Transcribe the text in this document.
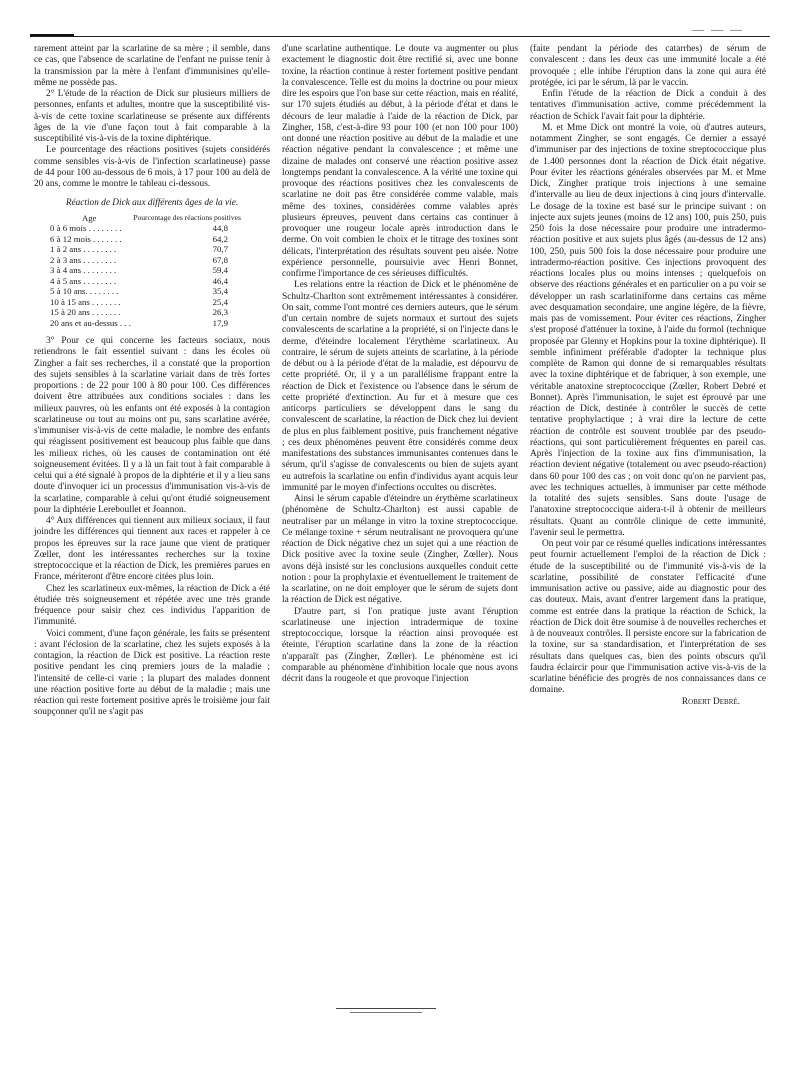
— — —

rarement atteint par la scarlatine de sa mère ; il semble, dans ce cas, que l'absence de scarlatine de l'enfant ne puisse tenir à la transmission par la mère à l'enfant d'immunisines qu'elle-même ne possède pas.

2° L'étude de la réaction de Dick sur plusieurs milliers de personnes, enfants et adultes, montre que la susceptibilité vis-à-vis de cette toxine scarlatineuse se présente aux différents âges de la vie d'une façon tout à fait comparable à la susceptibilité vis-à-vis de la toxine diphtérique.

Le pourcentage des réactions positives (sujets considérés comme sensibles vis-à-vis de l'infection scarlatineuse) passe de 44 pour 100 au-dessous de 6 mois, à 17 pour 100 au delà de 20 ans, comme le montre le tableau ci-dessous.

Réaction de Dick aux différents âges de la vie.
Age	Pourcentage des réactions positives
0 à 6 mois . . . . . . . .	44,8
6 à 12 mois . . . . . . .	64,2
1 à 2 ans . . . . . . . .	70,7
2 à 3 ans . . . . . . . .	67,8
3 à 4 ans . . . . . . . .	59,4
4 à 5 ans . . . . . . . .	46,4
5 à 10 ans. . . . . . . .	35,4
10 à 15 ans . . . . . . .	25,4
15 à 20 ans . . . . . . .	26,3
20 ans et au-dessus . . .	17,9

3° Pour ce qui concerne les facteurs sociaux, nous retiendrons le fait essentiel suivant : dans les écoles où Zingher a fait ses recherches, il a constaté que la proportion des sujets sensibles à la scarlatine variait dans de très fortes proportions : de 22 pour 100 à 80 pour 100. Ces différences doivent être attribuées aux conditions sociales : dans les milieux pauvres, où les enfants ont été exposés à la contagion scarlatineuse ou tout au moins ont pu, sans scarlatine avérée, s'immuniser vis-à-vis de cette maladie, le nombre des enfants qui réagissent positivement est beaucoup plus faible que dans les milieux riches, où les causes de contamination ont été soigneusement évitées. Il y a là un fait tout à fait comparable à celui qui a été signalé à propos de la diphtérie et il y a lieu sans doute d'invoquer ici un processus d'immunisation vis-à-vis de la scarlatine, comparable à celui qu'ont étudié soigneusement pour la diphtérie Lereboullet et Joannon.

4° Aux différences qui tiennent aux milieux sociaux, il faut joindre les différences qui tiennent aux races et rappeler à ce propos les épreuves sur la race jaune que vient de pratiquer Zœller, dont les intéressantes recherches sur la toxine streptococcique et la réaction de Dick, les premières parues en France, mériteront d'être encore citées plus loin.

Chez les scarlatineux eux-mêmes, la réaction de Dick a été étudiée très soigneusement et répétée avec une très grande fréquence pour saisir chez ces individus l'apparition de l'immunité.

Voici comment, d'une façon générale, les faits se présentent : avant l'éclosion de la scarlatine, chez les sujets exposés à la contagion, la réaction de Dick est positive. La réaction reste positive pendant les cinq premiers jours de la maladie ; l'intensité de celle-ci varie ; la plupart des malades donnent une réaction positive forte au début de la maladie ; mais une réaction qui reste fortement positive après le troisième jour fait soupçonner qu'il ne s'agit pas

d'une scarlatine authentique. Le doute va augmenter ou plus exactement le diagnostic doit être rectifié si, avec une bonne toxine, la réaction continue à rester fortement positive pendant la convalescence. Telle est du moins la doctrine ou pour mieux dire les espoirs que l'on base sur cette réaction, mais en réalité, sur 170 sujets étudiés au début, à la période d'état et dans le décours de leur maladie à l'aide de la réaction de Dick, par Zingher, 158, c'est-à-dire 93 pour 100 (et non 100 pour 100) ont donné une réaction positive au début de la maladie et une réaction négative pendant la convalescence ; et même une dizaine de malades ont conservé une réaction positive assez longtemps pendant la convalescence. A la vérité une toxine qui provoque des réactions positives chez les convalescents de scarlatine ne doit pas être considérée comme valable, mais même des toxines, considérées comme valables après plusieurs épreuves, peuvent dans certains cas continuer à provoquer une rougeur locale après introduction dans le derme. On voit combien le choix et le titrage des toxines sont délicats, l'interprétation des résultats souvent peu aisée. Notre expérience personnelle, poursuivie avec Henri Bonnet, confirme l'importance de ces sérieuses difficultés.

Les relations entre la réaction de Dick et le phénomène de Schultz-Charlton sont extrêmement intéressantes à considérer. On sait, comme l'ont montré ces derniers auteurs, que le sérum d'un certain nombre de sujets normaux et surtout des sujets convalescents de scarlatine a la propriété, si on l'injecte dans le derme, d'éteindre localement l'érythème scarlatineux. Au contraire, le sérum de sujets atteints de scarlatine, à la période de début ou à la période d'état de la maladie, est dépourvu de cette propriété. Or, il y a un parallélisme frappant entre la réaction de Dick et l'existence ou l'absence dans le sérum de cette propriété d'extinction. Au fur et à mesure que ces anticorps particuliers se développent dans le sang du convalescent de scarlatine, la réaction de Dick chez lui devient de plus en plus faiblement positive, puis franchement négative ; ces deux phénomènes peuvent être considérés comme deux manifestations des substances immunisantes contenues dans le sérum, qu'il s'agisse de convalescents ou bien de sujets ayant eu autrefois la scarlatine ou enfin d'individus ayant acquis leur immunité par le moyen d'infections occultes ou discrètes.

Ainsi le sérum capable d'éteindre un érythème scarlatineux (phénomène de Schultz-Charlton) est aussi capable de neutraliser par un mélange in vitro la toxine streptococcique. Ce mélange toxine + sérum neutralisant ne provoquera qu'une réaction de Dick négative chez un sujet qui a une réaction de Dick positive avec la toxine seule (Zingher, Zœller). Nous avons déjà insisté sur les conclusions auxquelles conduit cette notion : pour la prophylaxie et éventuellement le traitement de la scarlatine, on ne doit employer que le sérum de sujets dont la réaction de Dick est négative.

D'autre part, si l'on pratique juste avant l'éruption scarlatineuse une injection intradermique de toxine streptococcique, lorsque la réaction ainsi provoquée est éteinte, l'éruption scarlatine dans la zone de la réaction n'apparaît pas (Zingher, Zœller). Le phénomène est ici comparable au phénomène d'inhibition locale que nous avons décrit dans la rougeole et que provoque l'injection

(faite pendant la période des catarrhes) de sérum de convalescent : dans les deux cas une immunité locale a été provoquée ; elle inhibe l'éruption dans la zone qui aura été protégée, ici par le sérum, là par le vaccin.

Enfin l'étude de la réaction de Dick a conduit à des tentatives d'immunisation active, comme précédemment la réaction de Schick l'avait fait pour la diphtérie.

M. et Mme Dick ont montré la voie, où d'autres auteurs, notamment Zingher, se sont engagés. Ce dernier a essayé d'immuniser par des injections de toxine streptococcique plus de 1.400 personnes dont la réaction de Dick était négative. Pour éviter les réactions générales observées par M. et Mme Dick, Zingher pratique trois injections à une semaine d'intervalle au lieu de deux injections à cinq jours d'intervalle. Le dosage de la toxine est basé sur le principe suivant : on injecte aux sujets jeunes (moins de 12 ans) 100, puis 250, puis 250 fois la dose nécessaire pour produire une intradermo-réaction positive et aux sujets plus âgés (au-dessus de 12 ans) 100, 250, puis 500 fois la dose nécessaire pour produire une intradermo-réaction positive. Ces injections provoquent des réactions locales plus ou moins intenses ; quelquefois on observe des réactions générales et en particulier on a pu voir se développer un rash scarlatiniforme dans certains cas même avec desquamation secondaire, une angine légère, de la fièvre, mais pas de vomissement. Pour éviter ces réactions, Zingher s'est proposé d'atténuer la toxine, à l'aide du formol (technique proposée par Glenny et Hopkins pour la toxine diphtérique). Il semble infiniment préférable d'adopter la technique plus complète de Ramon qui donne de si remarquables résultats avec la toxine diphtérique et de fabriquer, à son exemple, une véritable anatoxine streptococcique (Zœller, Robert Debré et Bonnet). Après l'immunisation, le sujet est éprouvé par une réaction de Dick, destinée à contrôler le succès de cette tentative prophylactique ; à vrai dire la lecture de cette réaction de contrôle est souvent troublée par des pseudo-réactions, qui sont particulièrement fréquentes en pareil cas. Après l'injection de la toxine aux fins d'immunisation, la réaction devient négative (totalement ou avec pseudo-réaction) dans 60 pour 100 des cas ; on voit donc qu'on ne parvient pas, avec les techniques actuelles, à immuniser par cette méthode la totalité des sujets sensibles. Sans doute l'usage de l'anatoxine streptococcique aidera-t-il à obtenir de meilleurs résultats. Quant au contrôle clinique de cette immunité, l'avenir seul le permettra.

On peut voir par ce résumé quelles indications intéressantes peut fournir actuellement l'emploi de la réaction de Dick : étude de la susceptibilité ou de l'immunité vis-à-vis de la scarlatine, possibilité de constater l'efficacité d'une immunisation active ou passive, aide au diagnostic pour des cas douteux. Mais, avant d'entrer largement dans la pratique, comme est entrée dans la pratique la réaction de Schick, la réaction de Dick doit être soumise à de nouvelles recherches et à de nouveaux contrôles. Il persiste encore sur la fabrication de la toxine, sur sa standardisation, et l'interprétation de ses résultats dans quelques cas, bien des points obscurs qu'il faudra éclaircir pour que l'immunisation active vis-à-vis de la scarlatine bénéficie des progrès de nos connaissances dans ce domaine.

Robert Debré.
